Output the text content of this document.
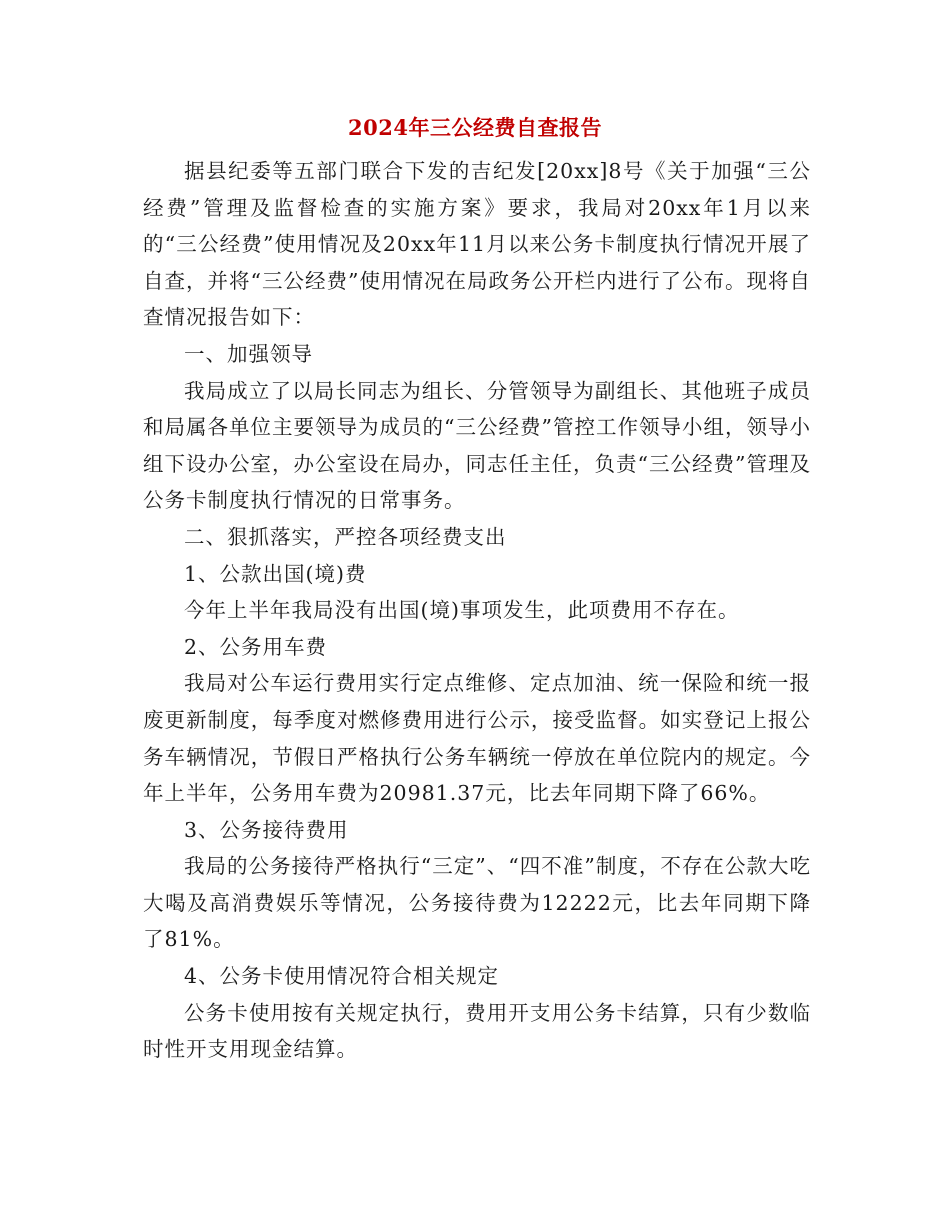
2024年三公经费自查报告

据县纪委等五部门联合下发的吉纪发[20xx]8号《关于加强“三公经费”管理及监督检查的实施方案》要求，我局对20xx年1月以来的“三公经费”使用情况及20xx年11月以来公务卡制度执行情况开展了自查，并将“三公经费”使用情况在局政务公开栏内进行了公布。现将自查情况报告如下：

一、加强领导

我局成立了以局长同志为组长、分管领导为副组长、其他班子成员和局属各单位主要领导为成员的“三公经费”管控工作领导小组，领导小组下设办公室，办公室设在局办，同志任主任，负责“三公经费”管理及公务卡制度执行情况的日常事务。

二、狠抓落实，严控各项经费支出

1、公款出国(境)费

今年上半年我局没有出国(境)事项发生，此项费用不存在。

2、公务用车费

我局对公车运行费用实行定点维修、定点加油、统一保险和统一报废更新制度，每季度对燃修费用进行公示，接受监督。如实登记上报公务车辆情况，节假日严格执行公务车辆统一停放在单位院内的规定。今年上半年，公务用车费为20981.37元，比去年同期下降了66%。

3、公务接待费用

我局的公务接待严格执行“三定”、“四不准”制度，不存在公款大吃大喝及高消费娱乐等情况，公务接待费为12222元，比去年同期下降了81%。

4、公务卡使用情况符合相关规定

公务卡使用按有关规定执行，费用开支用公务卡结算，只有少数临时性开支用现金结算。
